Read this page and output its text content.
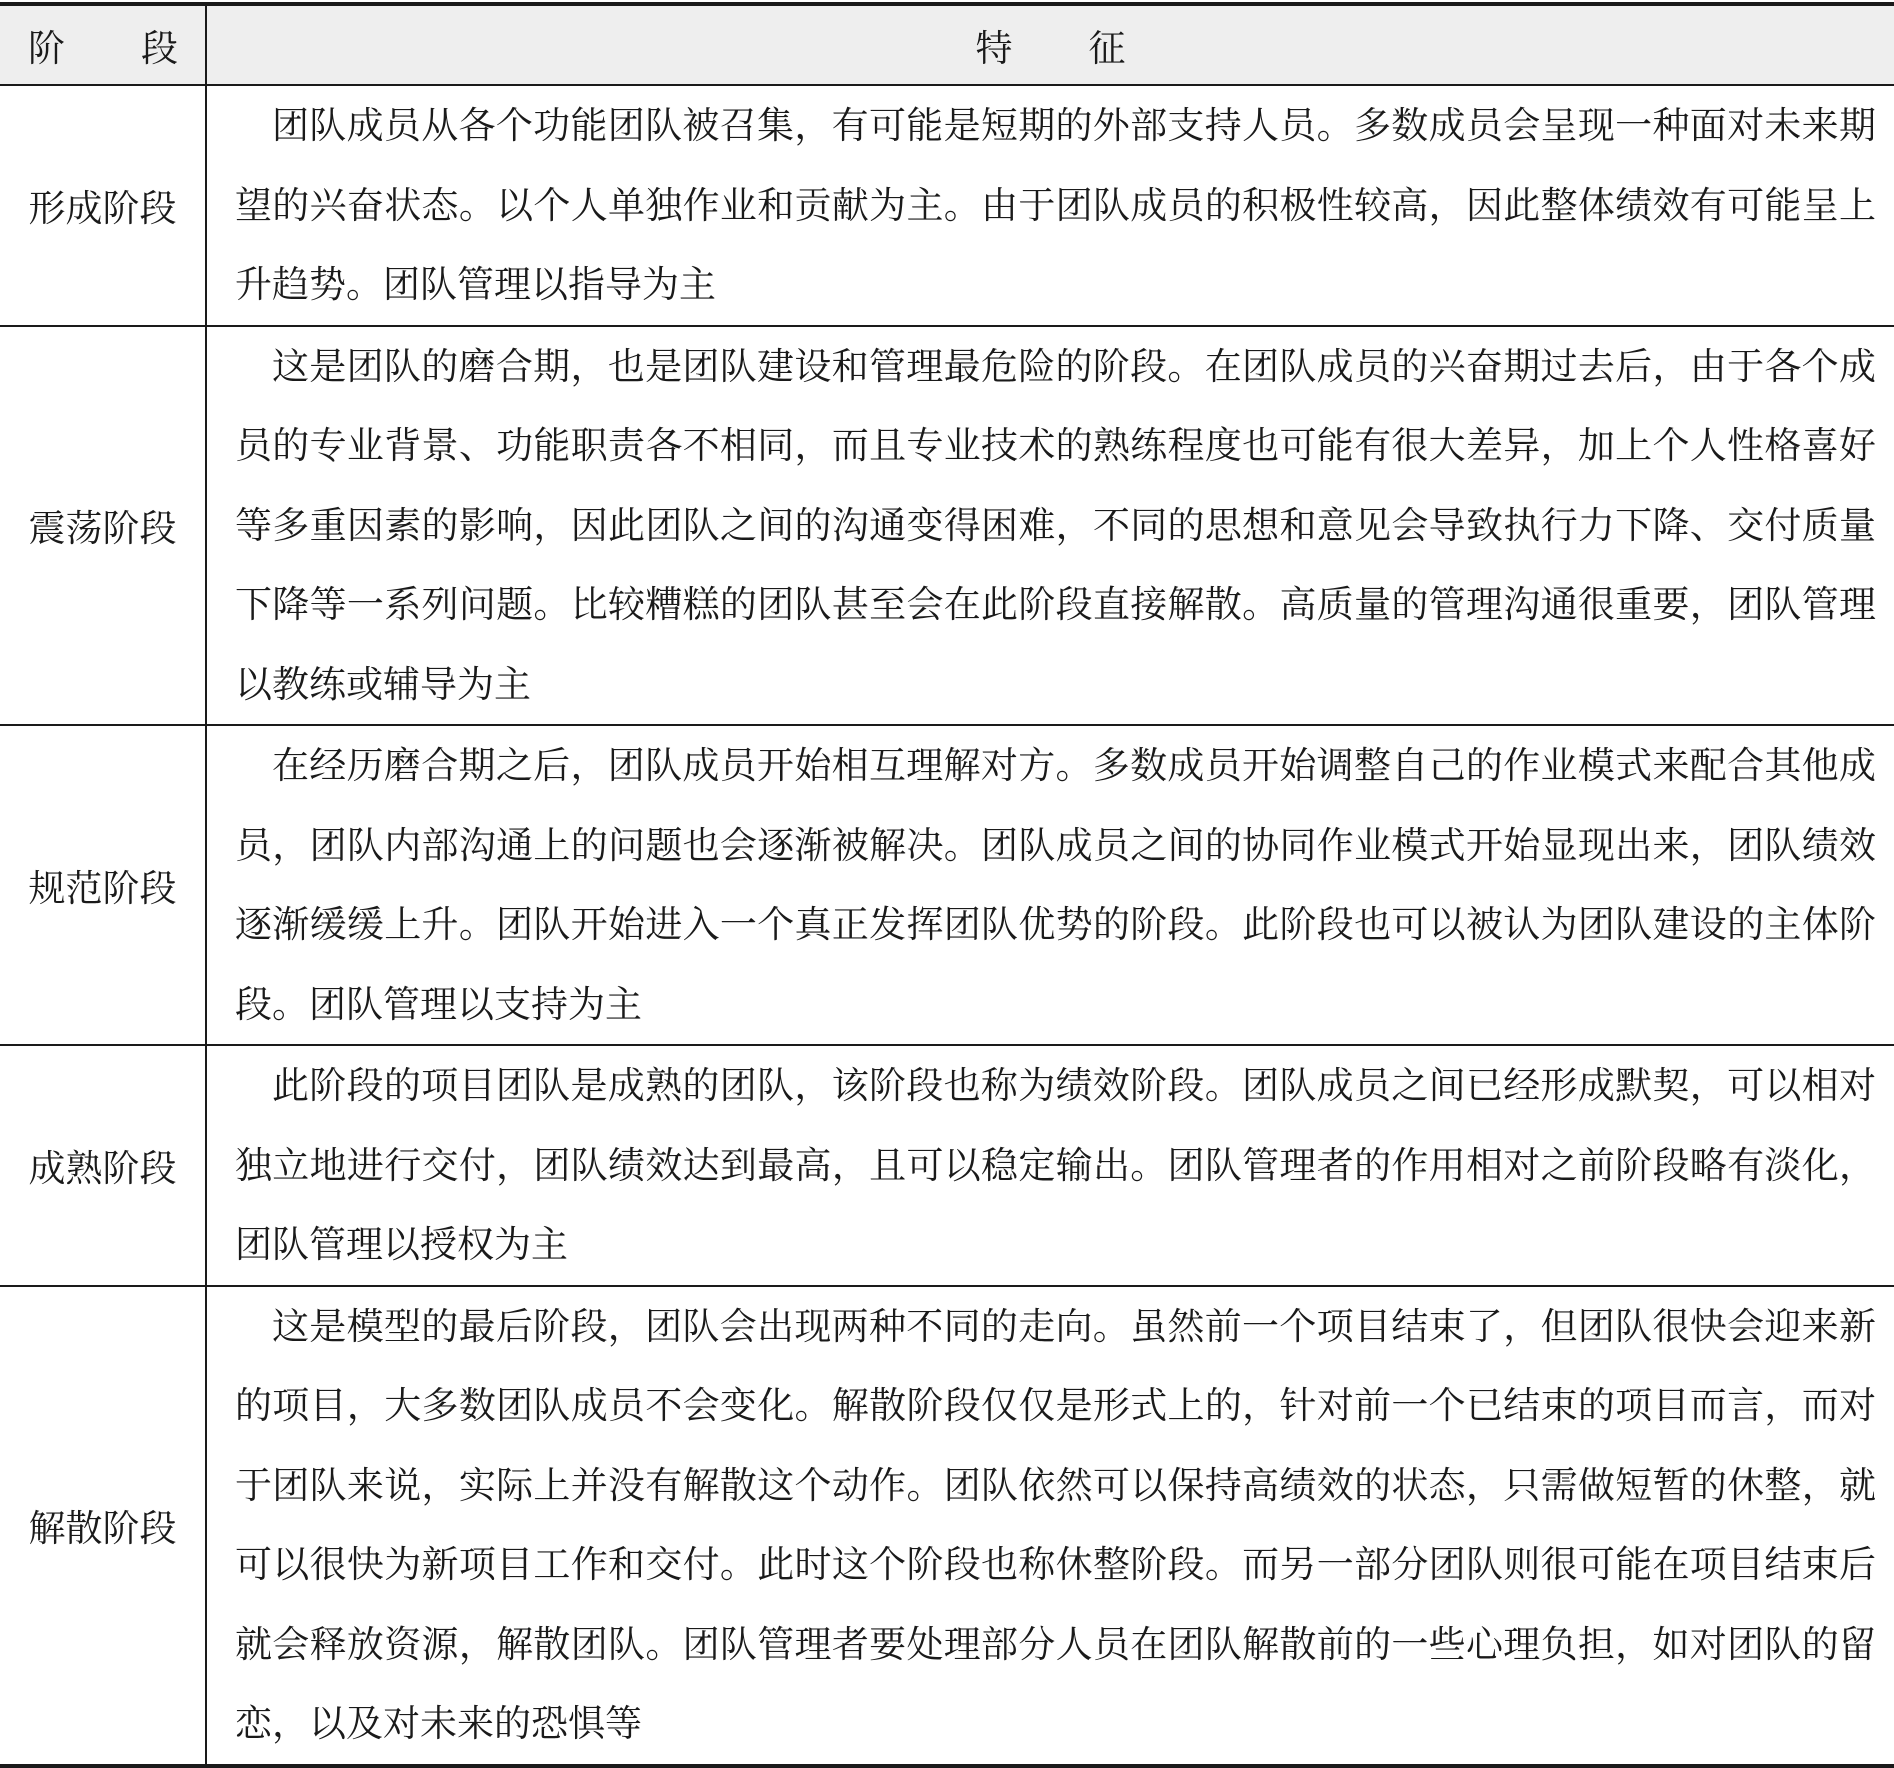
阶 段	特 征

形成阶段	团队成员从各个功能团队被召集，有可能是短期的外部支持人员。多数成员会呈现一种面对未来期望的兴奋状态。以个人单独作业和贡献为主。由于团队成员的积极性较高，因此整体绩效有可能呈上升趋势。团队管理以指导为主
震荡阶段	这是团队的磨合期，也是团队建设和管理最危险的阶段。在团队成员的兴奋期过去后，由于各个成员的专业背景、功能职责各不相同，而且专业技术的熟练程度也可能有很大差异，加上个人性格喜好等多重因素的影响，因此团队之间的沟通变得困难，不同的思想和意见会导致执行力下降、交付质量下降等一系列问题。比较糟糕的团队甚至会在此阶段直接解散。高质量的管理沟通很重要，团队管理以教练或辅导为主
规范阶段	在经历磨合期之后，团队成员开始相互理解对方。多数成员开始调整自己的作业模式来配合其他成员，团队内部沟通上的问题也会逐渐被解决。团队成员之间的协同作业模式开始显现出来，团队绩效逐渐缓缓上升。团队开始进入一个真正发挥团队优势的阶段。此阶段也可以被认为团队建设的主体阶段。团队管理以支持为主
成熟阶段	此阶段的项目团队是成熟的团队，该阶段也称为绩效阶段。团队成员之间已经形成默契，可以相对独立地进行交付，团队绩效达到最高，且可以稳定输出。团队管理者的作用相对之前阶段略有淡化，团队管理以授权为主
解散阶段	这是模型的最后阶段，团队会出现两种不同的走向。虽然前一个项目结束了，但团队很快会迎来新的项目，大多数团队成员不会变化。解散阶段仅仅是形式上的，针对前一个已结束的项目而言，而对于团队来说，实际上并没有解散这个动作。团队依然可以保持高绩效的状态，只需做短暂的休整，就可以很快为新项目工作和交付。此时这个阶段也称休整阶段。而另一部分团队则很可能在项目结束后就会释放资源，解散团队。团队管理者要处理部分人员在团队解散前的一些心理负担，如对团队的留恋，以及对未来的恐惧等
